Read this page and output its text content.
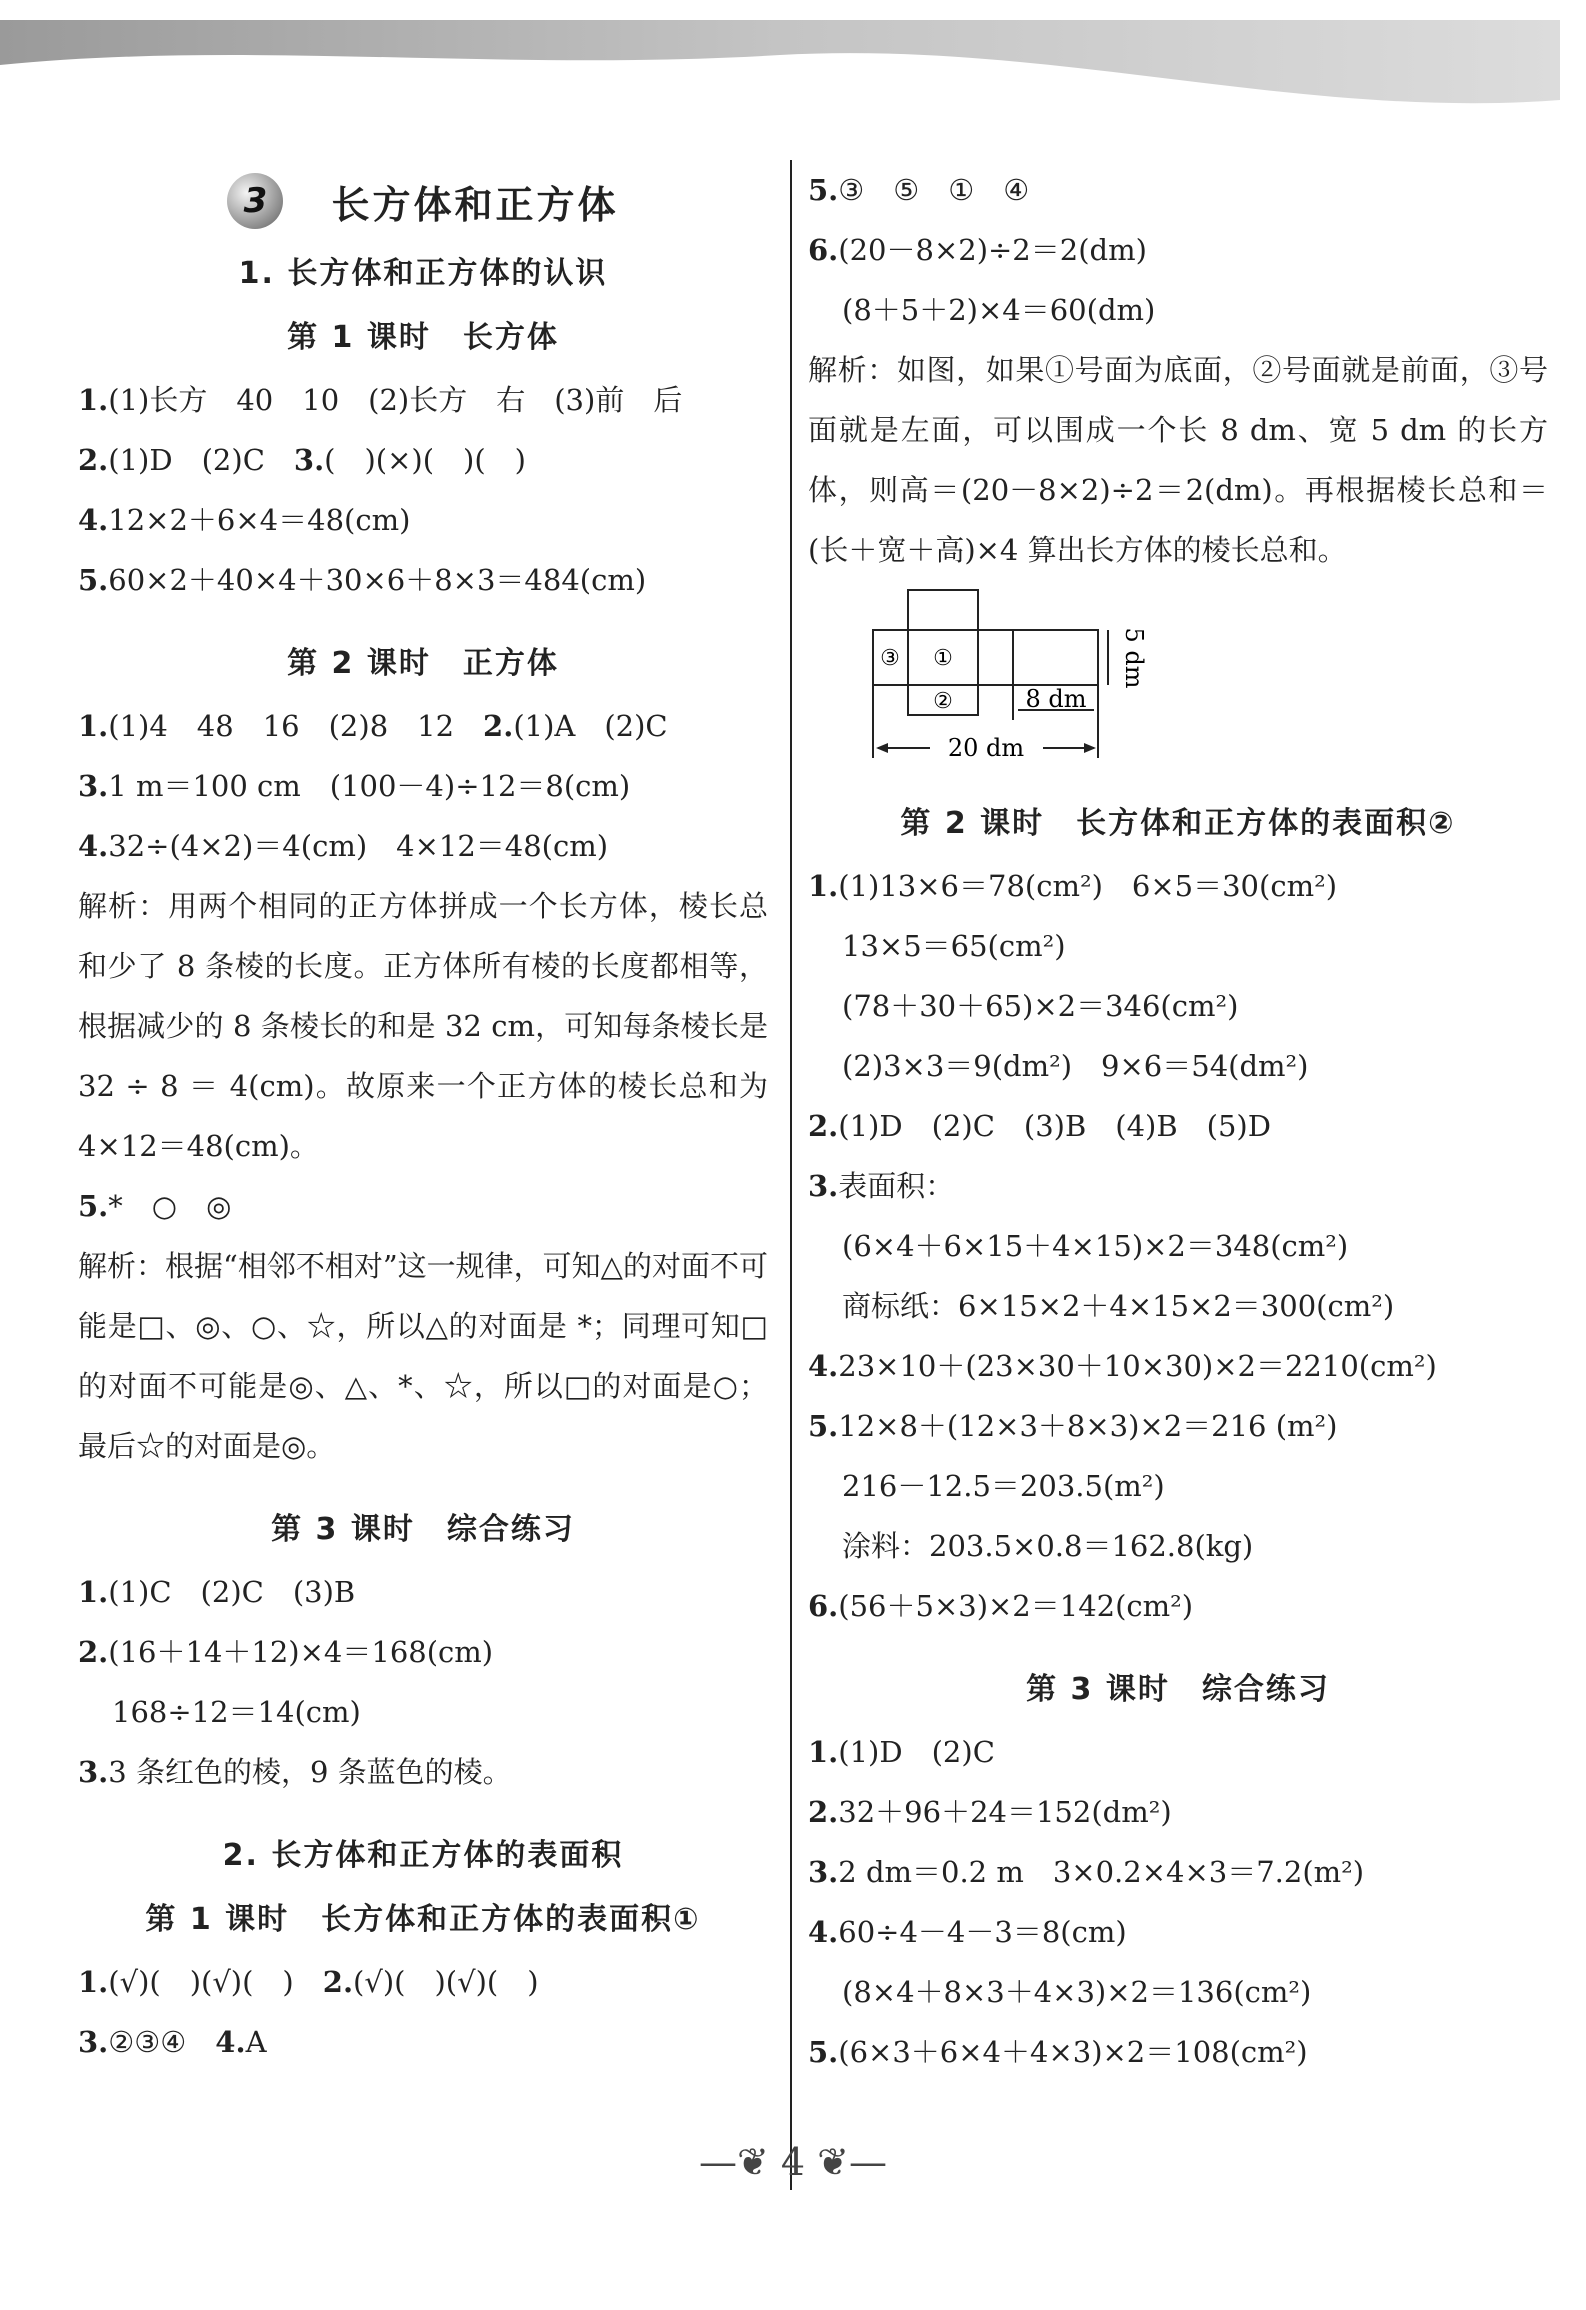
3	长方体和正方体
1. 长方体和正方体的认识
第 1 课时　长方体
1.(1)长方　40　10　(2)长方　右　(3)前　后
2.(1)D　(2)C　3.(　)(×)(　)(　)
4.12×2＋6×4＝48(cm)
5.60×2＋40×4＋30×6＋8×3＝484(cm)
第 2 课时　正方体
1.(1)4　48　16　(2)8　12　2.(1)A　(2)C
3.1 m＝100 cm　(100－4)÷12＝8(cm)
4.32÷(4×2)＝4(cm)　4×12＝48(cm)
解析：用两个相同的正方体拼成一个长方体，棱长总和少了 8 条棱的长度。正方体所有棱的长度都相等，根据减少的 8 条棱长的和是 32 cm，可知每条棱长是 32 ÷ 8 ＝ 4(cm)。故原来一个正方体的棱长总和为 4×12＝48(cm)。
5.*　○　◎
解析：根据“相邻不相对”这一规律，可知△的对面不可能是□、◎、○、☆，所以△的对面是 *；同理可知□的对面不可能是◎、△、*、☆，所以□的对面是○；最后☆的对面是◎。
第 3 课时　综合练习
1.(1)C　(2)C　(3)B
2.(16＋14＋12)×4＝168(cm)
168÷12＝14(cm)
3.3 条红色的棱，9 条蓝色的棱。
2. 长方体和正方体的表面积
第 1 课时　长方体和正方体的表面积①
1.(√)(　)(√)(　)　2.(√)(　)(√)(　)
3.②③④　4.A
5.③　⑤　①　④
6.(20－8×2)÷2＝2(dm)
(8＋5＋2)×4＝60(dm)
解析：如图，如果①号面为底面，②号面就是前面，③号面就是左面，可以围成一个长 8 dm、宽 5 dm 的长方体，则高＝(20－8×2)÷2＝2(dm)。再根据棱长总和＝(长＋宽＋高)×4 算出长方体的棱长总和。
③ ①
②	8 dm
20 dm
5 dm
第 2 课时　长方体和正方体的表面积②
1.(1)13×6＝78(cm²)　6×5＝30(cm²)
13×5＝65(cm²)
(78＋30＋65)×2＝346(cm²)
(2)3×3＝9(dm²)　9×6＝54(dm²)
2.(1)D　(2)C　(3)B　(4)B　(5)D
3.表面积：
(6×4＋6×15＋4×15)×2＝348(cm²)
商标纸：6×15×2＋4×15×2＝300(cm²)
4.23×10＋(23×30＋10×30)×2＝2210(cm²)
5.12×8＋(12×3＋8×3)×2＝216 (m²)
216－12.5＝203.5(m²)
涂料：203.5×0.8＝162.8(kg)
6.(56＋5×3)×2＝142(cm²)
第 3 课时　综合练习
1.(1)D　(2)C
2.32＋96＋24＝152(dm²)
3.2 dm＝0.2 m　3×0.2×4×3＝7.2(m²)
4.60÷4－4－3＝8(cm)
(8×4＋8×3＋4×3)×2＝136(cm²)
5.(6×3＋6×4＋4×3)×2＝108(cm²)
—❦ 4 ❦—
